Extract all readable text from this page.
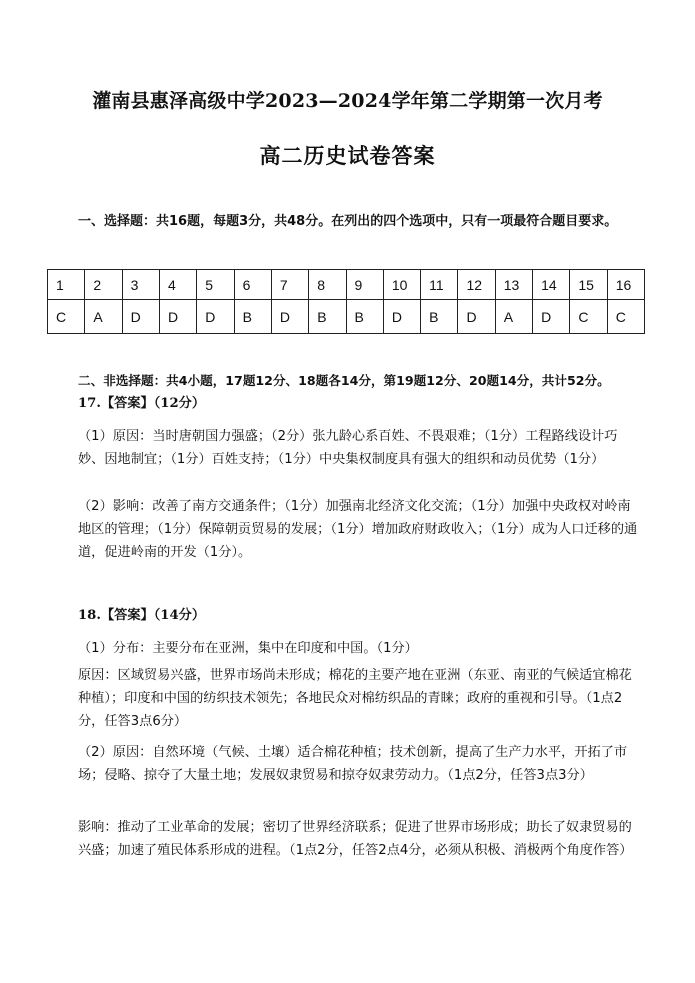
灌南县惠泽高级中学2023—2024学年第二学期第一次月考
高二历史试卷答案
一、选择题：共16题，每题3分，共48分。在列出的四个选项中，只有一项最符合题目要求。
1	2	3	4	5	6	7	8	9	10	11	12	13	14	15	16
C	A	D	D	D	B	D	B	B	D	B	D	A	D	C	C
二、非选择题：共4小题，17题12分、18题各14分，第19题12分、20题14分，共计52分。
17.【答案】（12分）
（1）原因：当时唐朝国力强盛；（2分）张九龄心系百姓、不畏艰难；（1分）工程路线设计巧妙、因地制宜；（1分）百姓支持；（1分）中央集权制度具有强大的组织和动员优势（1分）
（2）影响：改善了南方交通条件；（1分）加强南北经济文化交流；（1分）加强中央政权对岭南地区的管理；（1分）保障朝贡贸易的发展；（1分）增加政府财政收入；（1分）成为人口迁移的通道，促进岭南的开发（1分）。
18.【答案】（14分）
（1）分布：主要分布在亚洲，集中在印度和中国。（1分）
原因：区域贸易兴盛，世界市场尚未形成；棉花的主要产地在亚洲（东亚、南亚的气候适宜棉花种植）；印度和中国的纺织技术领先；各地民众对棉纺织品的青睐；政府的重视和引导。（1点2分，任答3点6分）
（2）原因：自然环境（气候、土壤）适合棉花种植；技术创新，提高了生产力水平，开拓了市场；侵略、掠夺了大量土地；发展奴隶贸易和掠夺奴隶劳动力。（1点2分，任答3点3分）
影响：推动了工业革命的发展；密切了世界经济联系；促进了世界市场形成；助长了奴隶贸易的兴盛；加速了殖民体系形成的进程。（1点2分，任答2点4分，必须从积极、消极两个角度作答）
